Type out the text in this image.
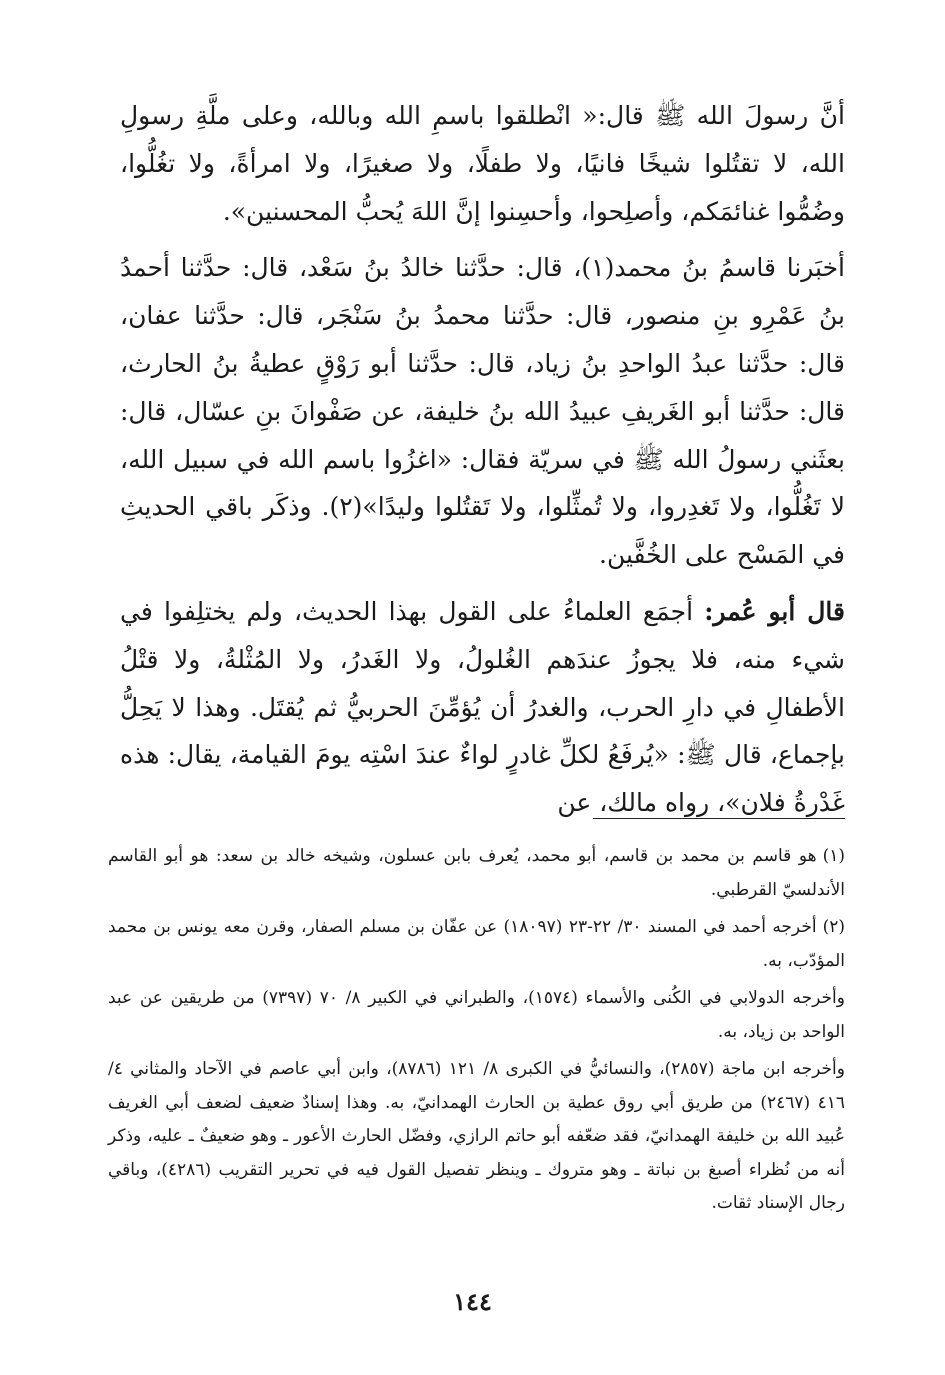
أنَّ رسولَ الله ﷺ قال:« انْطلقوا باسمِ الله وبالله، وعلى ملَّةِ رسولِ الله، لا تقتُلوا شيخًا فانيًا، ولا طفلًا، ولا صغيرًا، ولا امرأةً، ولا تغُلُّوا، وضُمُّوا غنائمَكم، وأصلِحوا، وأحسِنوا إنَّ اللهَ يُحبُّ المحسنين».

أخبَرنا قاسمُ بنُ محمد(١)، قال: حدَّثنا خالدُ بنُ سَعْد، قال: حدَّثنا أحمدُ بنُ عَمْرِو بنِ منصور، قال: حدَّثنا محمدُ بنُ سَنْجَر، قال: حدَّثنا عفان، قال: حدَّثنا عبدُ الواحدِ بنُ زياد، قال: حدَّثنا أبو رَوْقٍ عطيةُ بنُ الحارث، قال: حدَّثنا أبو الغَريفِ عبيدُ الله بنُ خليفة، عن صَفْوانَ بنِ عسّال، قال: بعثَني رسولُ الله ﷺ في سريّة فقال: «اغزُوا باسم الله في سبيل الله، لا تَغُلُّوا، ولا تَغدِروا، ولا تُمثِّلوا، ولا تَقتُلوا وليدًا»(٢). وذكَر باقي الحديثِ في المَسْح على الخُفَّين.

قال أبو عُمر: أجمَع العلماءُ على القول بهذا الحديث، ولم يختلِفوا في شيء منه، فلا يجوزُ عندَهم الغُلولُ، ولا الغَدرُ، ولا المُثْلةُ، ولا قتْلُ الأطفالِ في دارِ الحرب، والغدرُ أن يُؤمِّنَ الحربيُّ ثم يُقتَل. وهذا لا يَحِلُّ بإجماع، قال ﷺ: «يُرفَعُ لكلِّ غادرٍ لواءٌ عندَ اسْتِه يومَ القيامة، يقال: هذه غَدْرةُ فلان»، رواه مالك، عن

(١)هو قاسم بن محمد بن قاسم، أبو محمد، يُعرف بابن عسلون، وشيخه خالد بن سعد: هو أبو القاسم الأندلسيّ القرطبي.

(٢)أخرجه أحمد في المسند ٣٠/ ٢٢-٢٣ (١٨٠٩٧) عن عفّان بن مسلم الصفار، وقرن معه يونس بن محمد المؤدّب، به.

وأخرجه الدولابي في الكُنى والأسماء (١٥٧٤)، والطبراني في الكبير ٨/ ٧٠ (٧٣٩٧) من طريقين عن عبد الواحد بن زياد، به.

وأخرجه ابن ماجة (٢٨٥٧)، والنسائيُّ في الكبرى ٨/ ١٢١ (٨٧٨٦)، وابن أبي عاصم في الآحاد والمثاني ٤/ ٤١٦ (٢٤٦٧) من طريق أبي روق عطية بن الحارث الهمدانيّ، به. وهذا إسنادٌ ضعيف لضعف أبي الغريف عُبيد الله بن خليفة الهمدانيّ، فقد ضعّفه أبو حاتم الرازي، وفضّل الحارث الأعور ـ وهو ضعيفٌ ـ عليه، وذكر أنه من نُظراء أصبغ بن نباتة ـ وهو متروك ـ وينظر تفصيل القول فيه في تحرير التقريب (٤٢٨٦)، وباقي رجال الإسناد ثقات.

١٤٤
